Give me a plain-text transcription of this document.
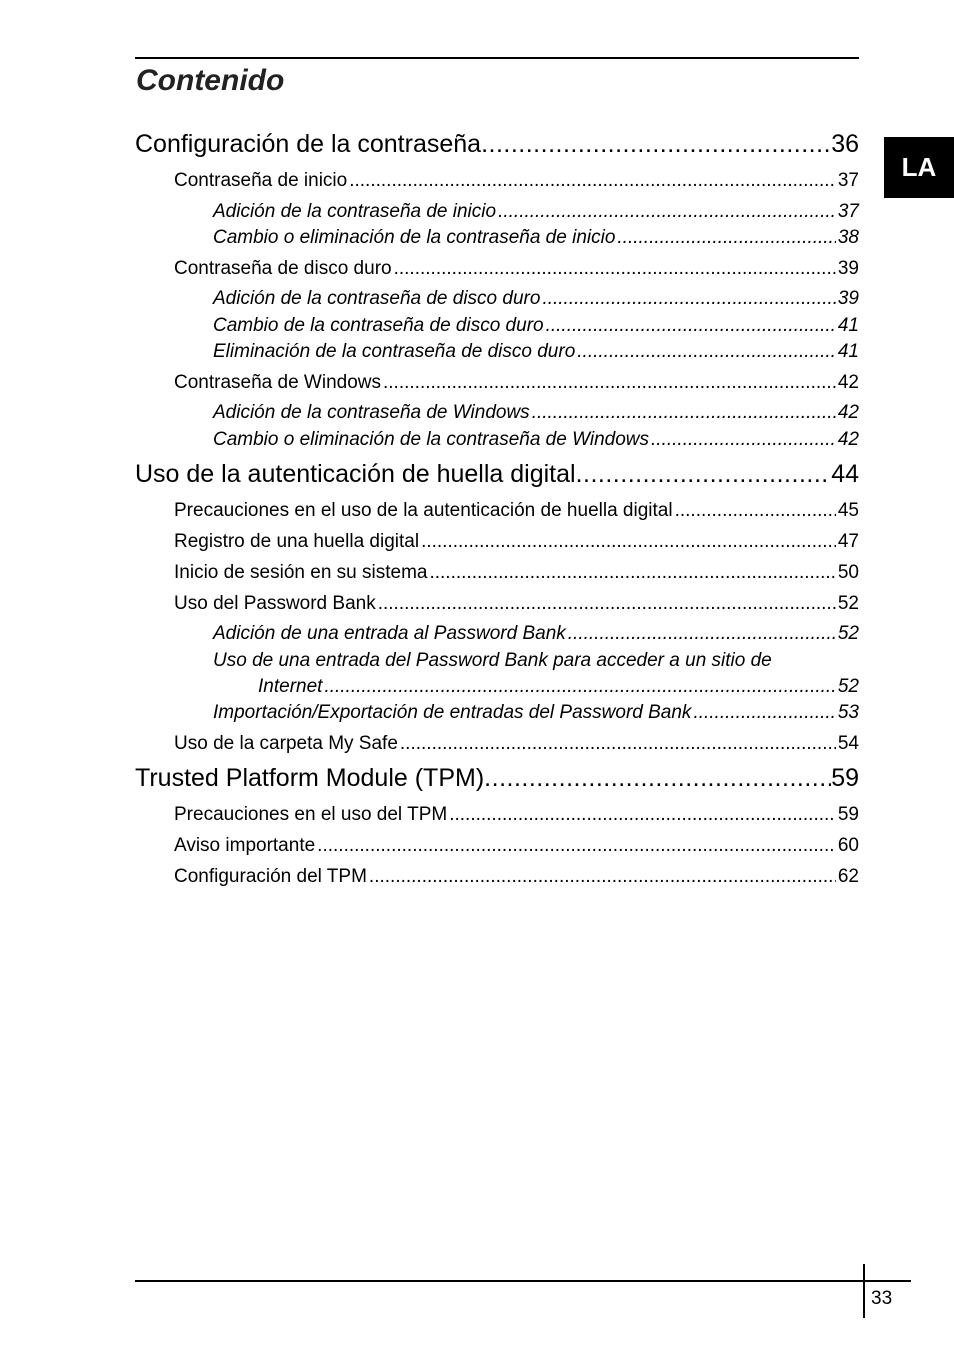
Contenido
LA
Configuración de la contraseña .....	36
Contraseña de inicio .....	37
Adición de la contraseña de inicio .....	37
Cambio o eliminación de la contraseña de inicio .....	38
Contraseña de disco duro .....	39
Adición de la contraseña de disco duro .....	39
Cambio de la contraseña de disco duro .....	41
Eliminación de la contraseña de disco duro .....	41
Contraseña de Windows .....	42
Adición de la contraseña de Windows .....	42
Cambio o eliminación de la contraseña de Windows .....	42
Uso de la autenticación de huella digital .....	44
Precauciones en el uso de la autenticación de huella digital .....	45
Registro de una huella digital .....	47
Inicio de sesión en su sistema .....	50
Uso del Password Bank .....	52
Adición de una entrada al Password Bank .....	52
Uso de una entrada del Password Bank para acceder a un sitio de
Internet .....	52
Importación/Exportación de entradas del Password Bank .....	53
Uso de la carpeta My Safe .....	54
Trusted Platform Module (TPM) .....	59
Precauciones en el uso del TPM .....	59
Aviso importante .....	60
Configuración del TPM .....	62
33
